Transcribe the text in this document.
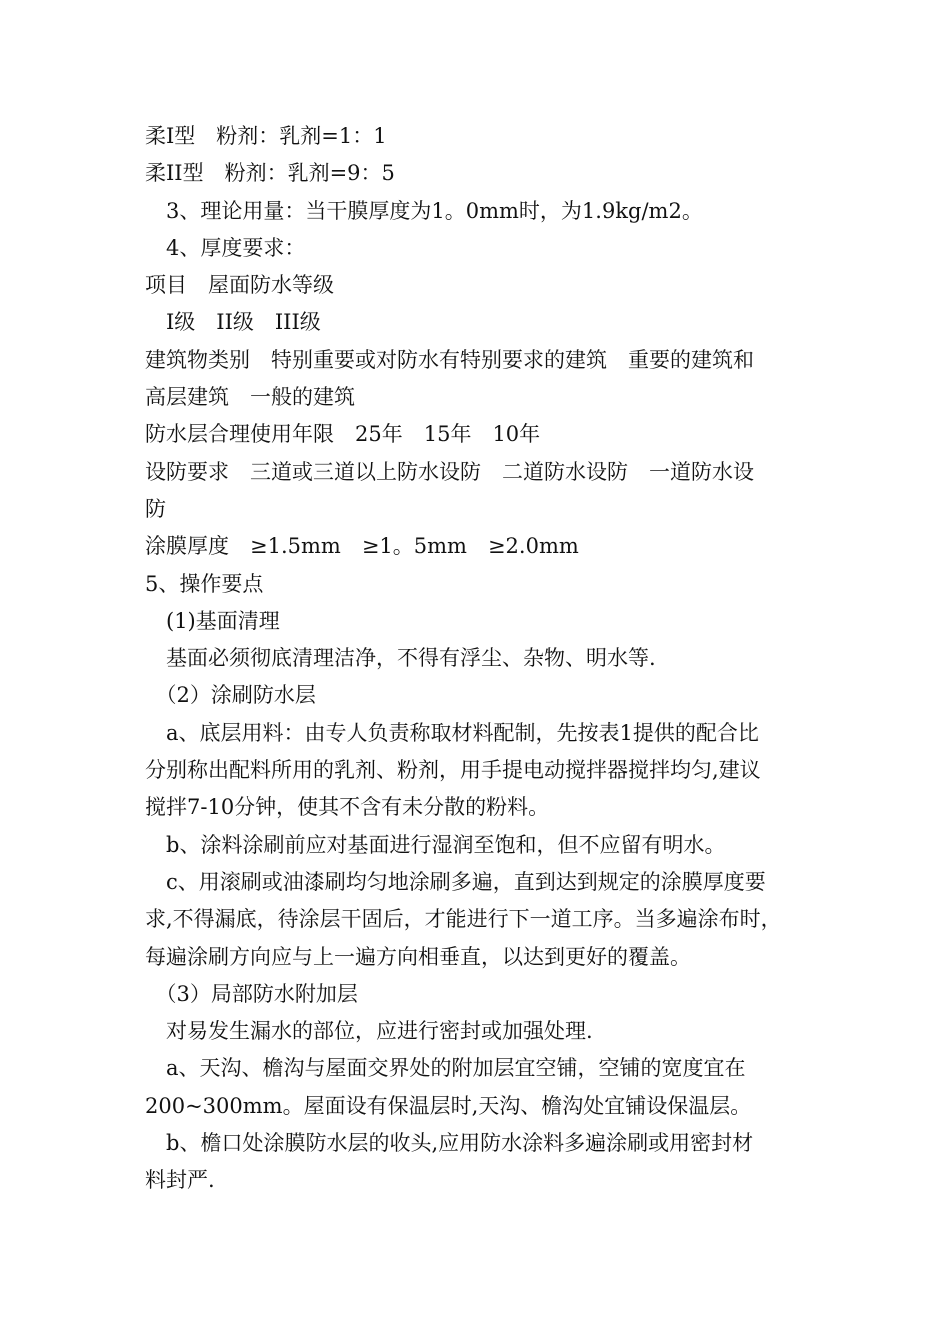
柔Ⅰ型　粉剂：乳剂=1：1
柔ⅠⅠ型　粉剂：乳剂=9：5
　3、理论用量：当干膜厚度为1。0mm时，为1.9kg/m2。
　4、厚度要求：
项目　屋面防水等级
　Ⅰ级　ⅠⅠ级　ⅠⅠⅠ级
建筑物类别　特别重要或对防水有特别要求的建筑　重要的建筑和
高层建筑　一般的建筑
防水层合理使用年限　25年　15年　10年
设防要求　三道或三道以上防水设防　二道防水设防　一道防水设
防
涂膜厚度　≥1.5mm　≥1。5mm　≥2.0mm
5、操作要点
　(1)基面清理
　基面必须彻底清理洁净，不得有浮尘、杂物、明水等.
　（2）涂刷防水层
　a、底层用料：由专人负责称取材料配制，先按表1提供的配合比
分别称出配料所用的乳剂、粉剂，用手提电动搅拌器搅拌均匀,建议
搅拌7-10分钟，使其不含有未分散的粉料。
　b、涂料涂刷前应对基面进行湿润至饱和，但不应留有明水。
　c、用滚刷或油漆刷均匀地涂刷多遍，直到达到规定的涂膜厚度要
求,不得漏底，待涂层干固后，才能进行下一道工序。当多遍涂布时，
每遍涂刷方向应与上一遍方向相垂直，以达到更好的覆盖。
　（3）局部防水附加层
　对易发生漏水的部位，应进行密封或加强处理.
　a、天沟、檐沟与屋面交界处的附加层宜空铺，空铺的宽度宜在
200~300mm。屋面设有保温层时,天沟、檐沟处宜铺设保温层。
　b、檐口处涂膜防水层的收头,应用防水涂料多遍涂刷或用密封材
料封严.
